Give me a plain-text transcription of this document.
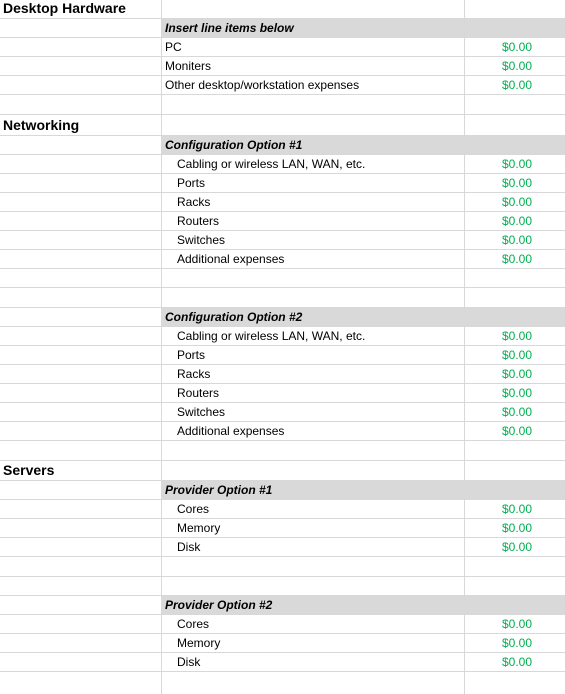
Desktop Hardware
Insert line items below
PC	$0.00
Moniters	$0.00
Other desktop/workstation expenses	$0.00
Networking
Configuration Option #1
Cabling or wireless LAN, WAN, etc.	$0.00
Ports	$0.00
Racks	$0.00
Routers	$0.00
Switches	$0.00
Additional expenses	$0.00
Configuration Option #2
Cabling or wireless LAN, WAN, etc.	$0.00
Ports	$0.00
Racks	$0.00
Routers	$0.00
Switches	$0.00
Additional expenses	$0.00
Servers
Provider Option #1
Cores	$0.00
Memory	$0.00
Disk	$0.00
Provider Option #2
Cores	$0.00
Memory	$0.00
Disk	$0.00
